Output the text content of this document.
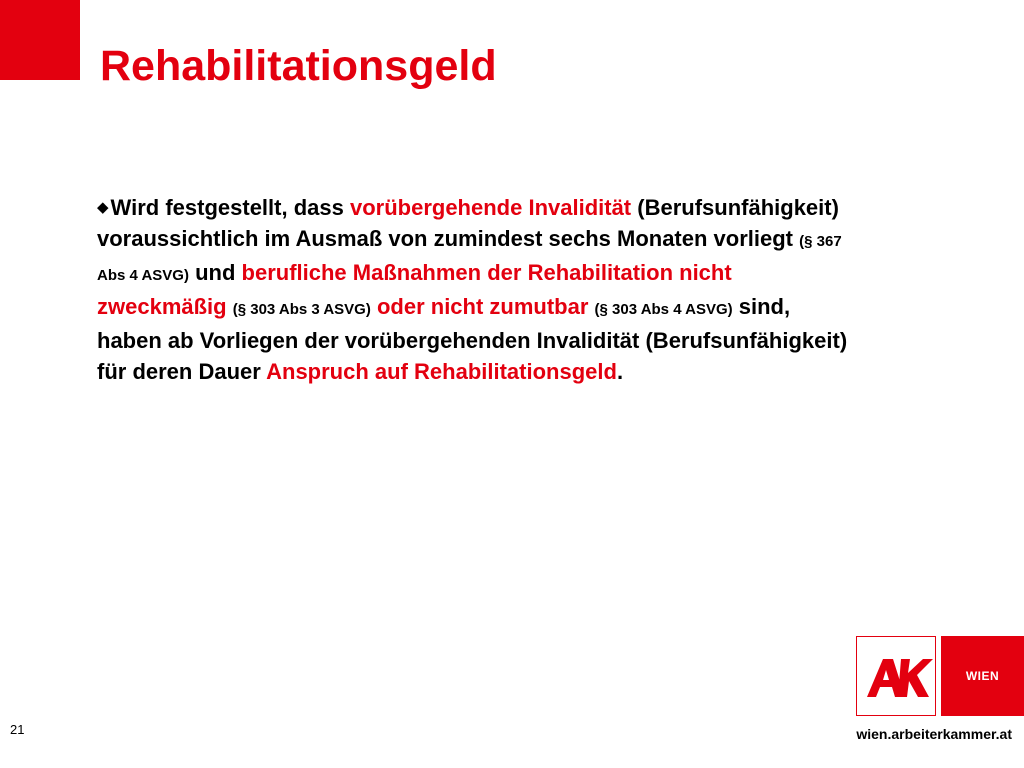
Rehabilitationsgeld

◆Wird festgestellt, dass vorübergehende Invalidität (Berufsunfähigkeit) voraussichtlich im Ausmaß von zumindest sechs Monaten vorliegt (§ 367 Abs 4 ASVG) und berufliche Maßnahmen der Rehabilitation nicht zweckmäßig (§ 303 Abs 3 ASVG) oder nicht zumutbar (§ 303 Abs 4 ASVG) sind, haben ab Vorliegen der vorübergehenden Invalidität (Berufsunfähigkeit) für deren Dauer Anspruch auf Rehabilitationsgeld.

WIEN
wien.arbeiterkammer.at
21
